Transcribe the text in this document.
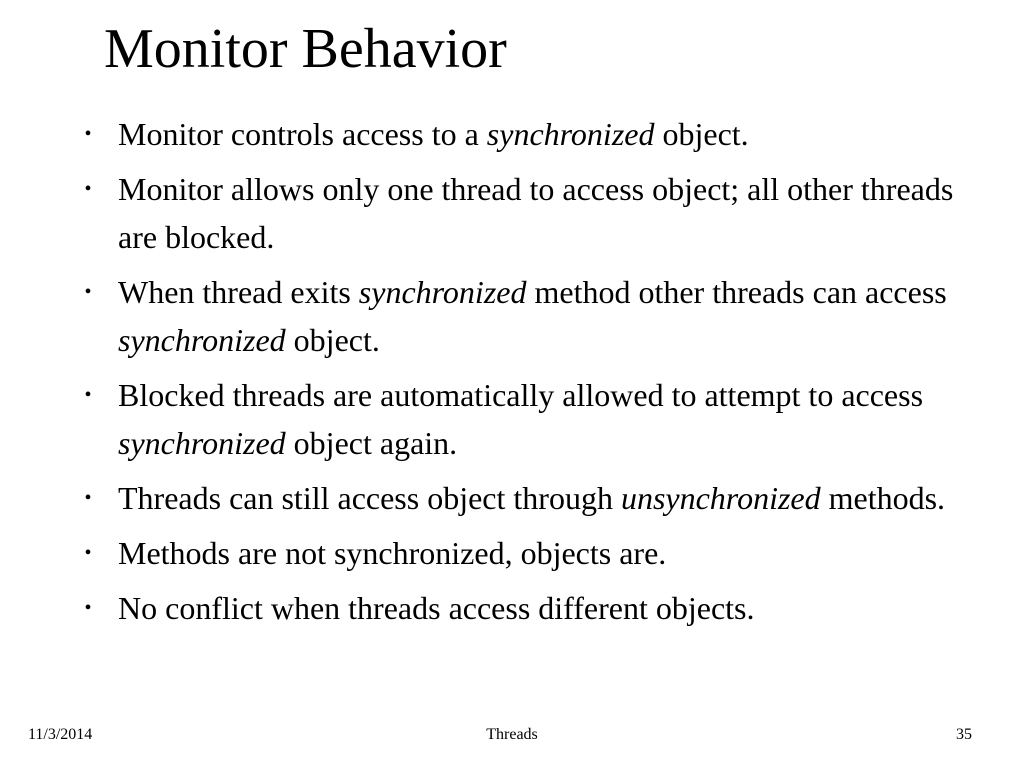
Monitor Behavior
• Monitor controls access to a synchronized object.
• Monitor allows only one thread to access object; all other threads are blocked.
• When thread exits synchronized method other threads can access synchronized object.
• Blocked threads are automatically allowed to attempt to access synchronized object again.
• Threads can still access object through unsynchronized methods.
• Methods are not synchronized, objects are.
• No conflict when threads access different objects.
11/3/2014	Threads	35
